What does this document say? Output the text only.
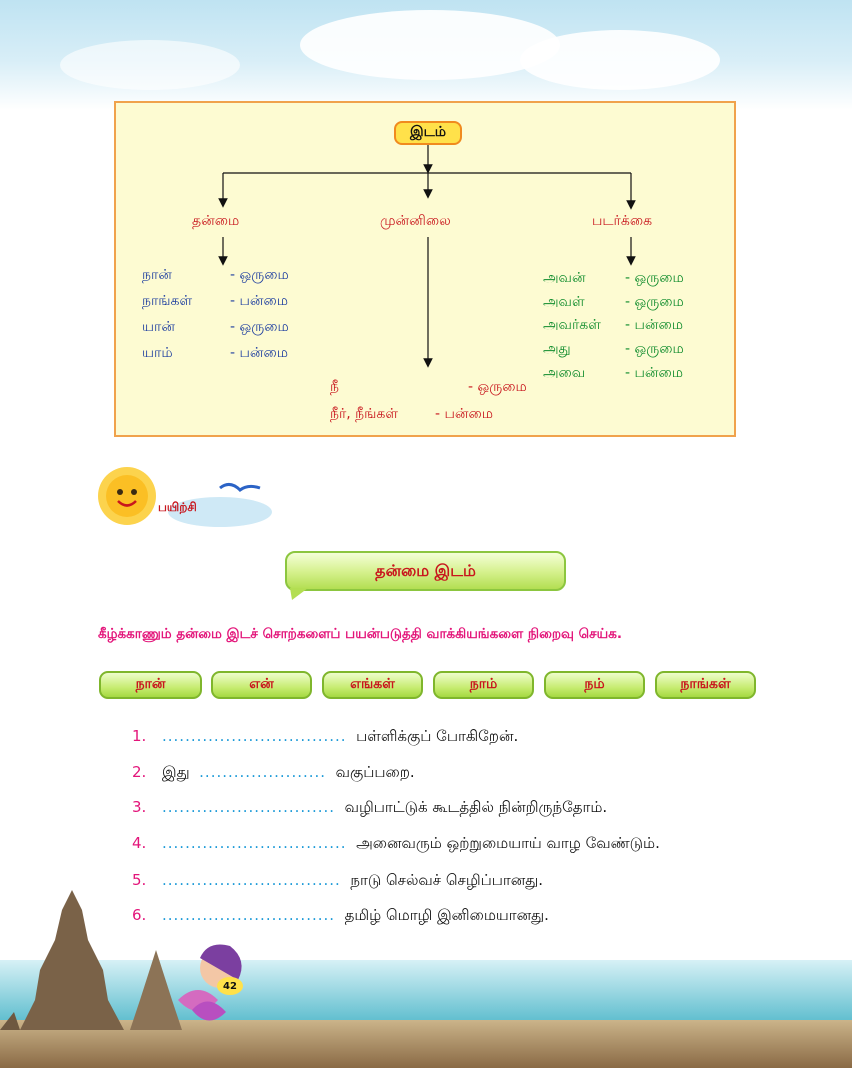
இடம்
தன்மை	முன்னிலை	படர்க்கை
நான்	- ஒருமை
நாங்கள்	- பன்மை
யான்	- ஒருமை
யாம்	- பன்மை
நீ	- ஒருமை
நீர், நீங்கள்	- பன்மை
அவன்	- ஒருமை
அவள்	- ஒருமை
அவர்கள்	- பன்மை
அது	- ஒருமை
அவை	- பன்மை
பயிற்சி
தன்மை இடம்
கீழ்க்காணும் தன்மை இடச் சொற்களைப் பயன்படுத்தி வாக்கியங்களை நிறைவு செய்க.
நான்	என்	எங்கள்	நாம்	நம்	நாங்கள்
1. ................................ பள்ளிக்குப் போகிறேன்.
2. இது ...................... வகுப்பறை.
3. .............................. வழிபாட்டுக் கூடத்தில் நின்றிருந்தோம்.
4. ................................ அனைவரும் ஒற்றுமையாய் வாழ வேண்டும்.
5. ............................... நாடு செல்வச் செழிப்பானது.
6. .............................. தமிழ் மொழி இனிமையானது.
42
